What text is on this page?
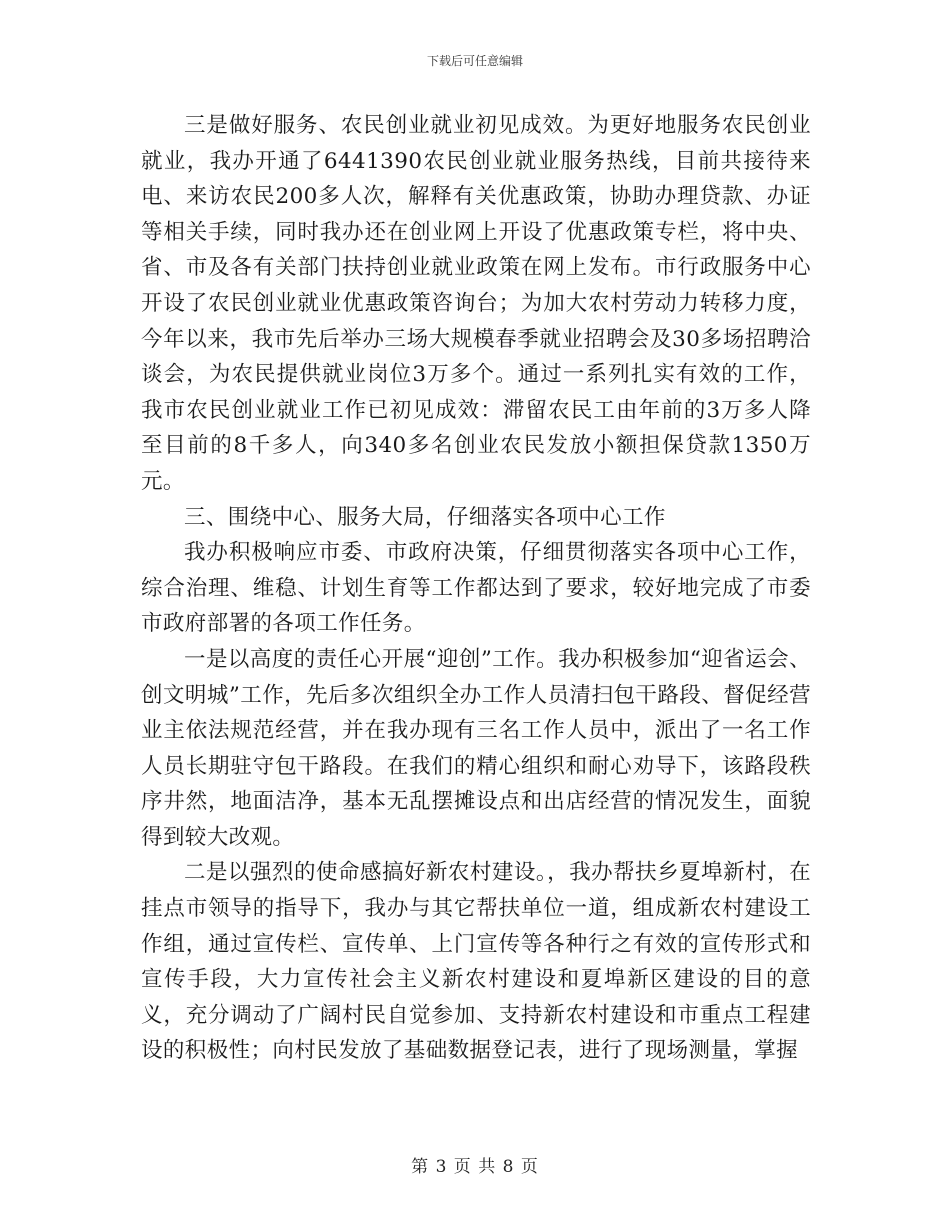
下载后可任意编辑

三是做好服务、农民创业就业初见成效。为更好地服务农民创业就业，我办开通了6441390农民创业就业服务热线，目前共接待来电、来访农民200多人次，解释有关优惠政策，协助办理贷款、办证等相关手续，同时我办还在创业网上开设了优惠政策专栏，将中央、省、市及各有关部门扶持创业就业政策在网上发布。市行政服务中心开设了农民创业就业优惠政策咨询台；为加大农村劳动力转移力度，今年以来，我市先后举办三场大规模春季就业招聘会及30多场招聘洽谈会，为农民提供就业岗位3万多个。通过一系列扎实有效的工作，我市农民创业就业工作已初见成效：滞留农民工由年前的3万多人降至目前的8千多人，向340多名创业农民发放小额担保贷款1350万元。

三、围绕中心、服务大局，仔细落实各项中心工作

我办积极响应市委、市政府决策，仔细贯彻落实各项中心工作，综合治理、维稳、计划生育等工作都达到了要求，较好地完成了市委市政府部署的各项工作任务。

一是以高度的责任心开展“迎创”工作。我办积极参加“迎省运会、创文明城”工作，先后多次组织全办工作人员清扫包干路段、督促经营业主依法规范经营，并在我办现有三名工作人员中，派出了一名工作人员长期驻守包干路段。在我们的精心组织和耐心劝导下，该路段秩序井然，地面洁净，基本无乱摆摊设点和出店经营的情况发生，面貌得到较大改观。

二是以强烈的使命感搞好新农村建设。，我办帮扶乡夏埠新村，在挂点市领导的指导下，我办与其它帮扶单位一道，组成新农村建设工作组，通过宣传栏、宣传单、上门宣传等各种行之有效的宣传形式和宣传手段，大力宣传社会主义新农村建设和夏埠新区建设的目的意义，充分调动了广阔村民自觉参加、支持新农村建设和市重点工程建设的积极性；向村民发放了基础数据登记表，进行了现场测量，掌握

第 3 页 共 8 页
